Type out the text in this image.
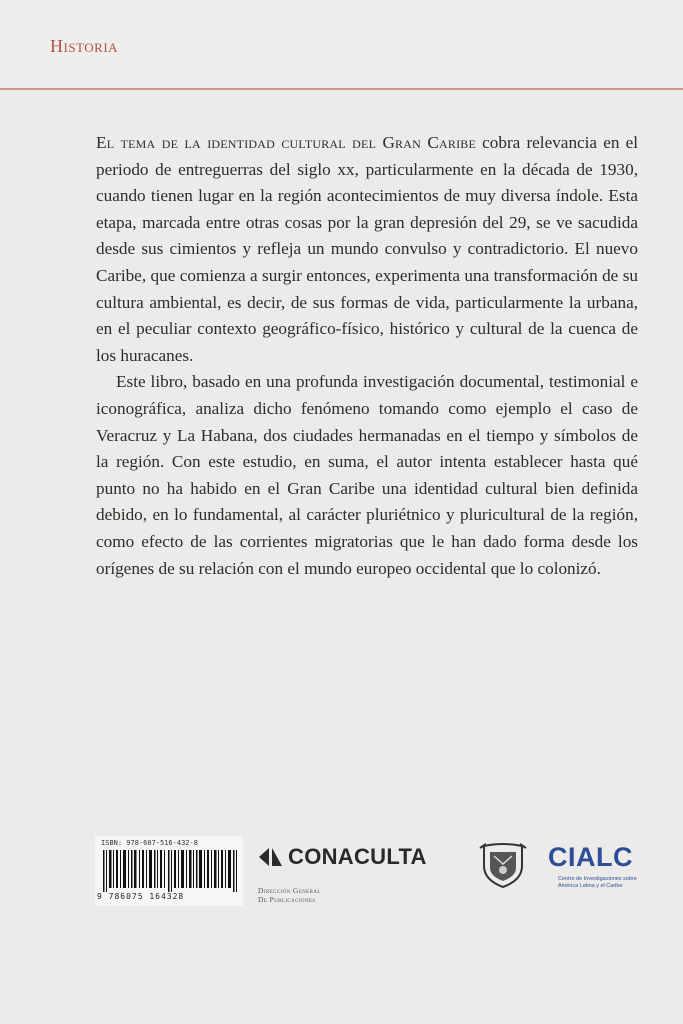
Historia

El tema de la identidad cultural del Gran Caribe cobra relevancia en el periodo de entreguerras del siglo xx, particularmente en la década de 1930, cuando tienen lugar en la región acontecimientos de muy diversa índole. Esta etapa, marcada entre otras cosas por la gran depresión del 29, se ve sacudida desde sus cimientos y refleja un mundo convulso y contradictorio. El nuevo Caribe, que comienza a surgir entonces, experimenta una transformación de su cultura ambiental, es decir, de sus formas de vida, particularmente la urbana, en el peculiar contexto geográfico-físico, histórico y cultural de la cuenca de los huracanes.

Este libro, basado en una profunda investigación documental, testimonial e iconográfica, analiza dicho fenómeno tomando como ejemplo el caso de Veracruz y La Habana, dos ciudades hermanadas en el tiempo y símbolos de la región. Con este estudio, en suma, el autor intenta establecer hasta qué punto no ha habido en el Gran Caribe una identidad cultural bien definida debido, en lo fundamental, al carácter pluriétnico y pluricultural de la región, como efecto de las corrientes migratorias que le han dado forma desde los orígenes de su relación con el mundo europeo occidental que lo colonizó.

ISBN: 978-607-516-432-8
9 786075 164328
CONACULTA
Dirección General
De Publicaciones
CIALC
Centro de Investigaciones sobre América Latina y el Caribe
